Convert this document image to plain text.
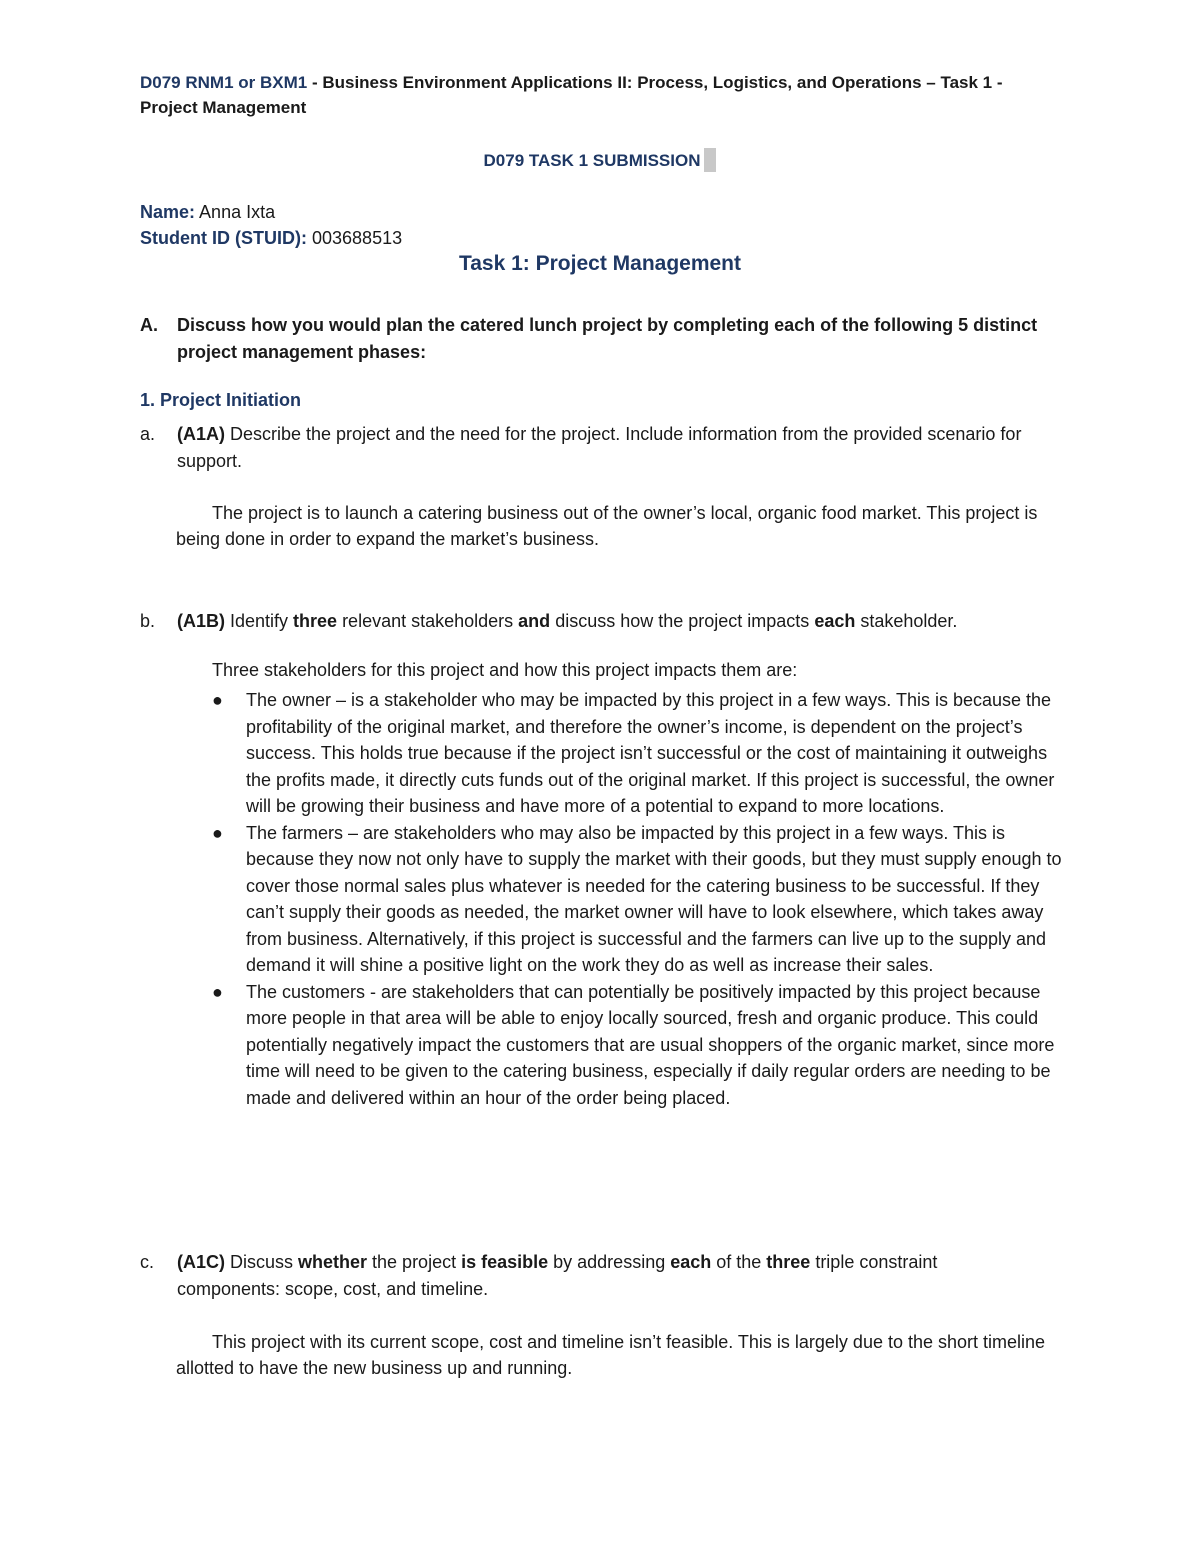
D079 RNM1 or BXM1 - Business Environment Applications II: Process, Logistics, and Operations – Task 1 - Project Management
D079 TASK 1 SUBMISSION
Name: Anna Ixta
Student ID (STUID): 003688513
Task 1: Project Management
A.	Discuss how you would plan the catered lunch project by completing each of the following 5 distinct project management phases:
1. Project Initiation
a.	(A1A) Describe the project and the need for the project. Include information from the provided scenario for support.
The project is to launch a catering business out of the owner’s local, organic food market. This project is being done in order to expand the market’s business.
b.	(A1B) Identify three relevant stakeholders and discuss how the project impacts each stakeholder.
Three stakeholders for this project and how this project impacts them are:
● The owner – is a stakeholder who may be impacted by this project in a few ways. This is because the profitability of the original market, and therefore the owner’s income, is dependent on the project’s success. This holds true because if the project isn’t successful or the cost of maintaining it outweighs the profits made, it directly cuts funds out of the original market. If this project is successful, the owner will be growing their business and have more of a potential to expand to more locations.
● The farmers – are stakeholders who may also be impacted by this project in a few ways. This is because they now not only have to supply the market with their goods, but they must supply enough to cover those normal sales plus whatever is needed for the catering business to be successful. If they can’t supply their goods as needed, the market owner will have to look elsewhere, which takes away from business. Alternatively, if this project is successful and the farmers can live up to the supply and demand it will shine a positive light on the work they do as well as increase their sales.
● The customers - are stakeholders that can potentially be positively impacted by this project because more people in that area will be able to enjoy locally sourced, fresh and organic produce. This could potentially negatively impact the customers that are usual shoppers of the organic market, since more time will need to be given to the catering business, especially if daily regular orders are needing to be made and delivered within an hour of the order being placed.
c.	(A1C) Discuss whether the project is feasible by addressing each of the three triple constraint components: scope, cost, and timeline.
This project with its current scope, cost and timeline isn’t feasible. This is largely due to the short timeline allotted to have the new business up and running.
